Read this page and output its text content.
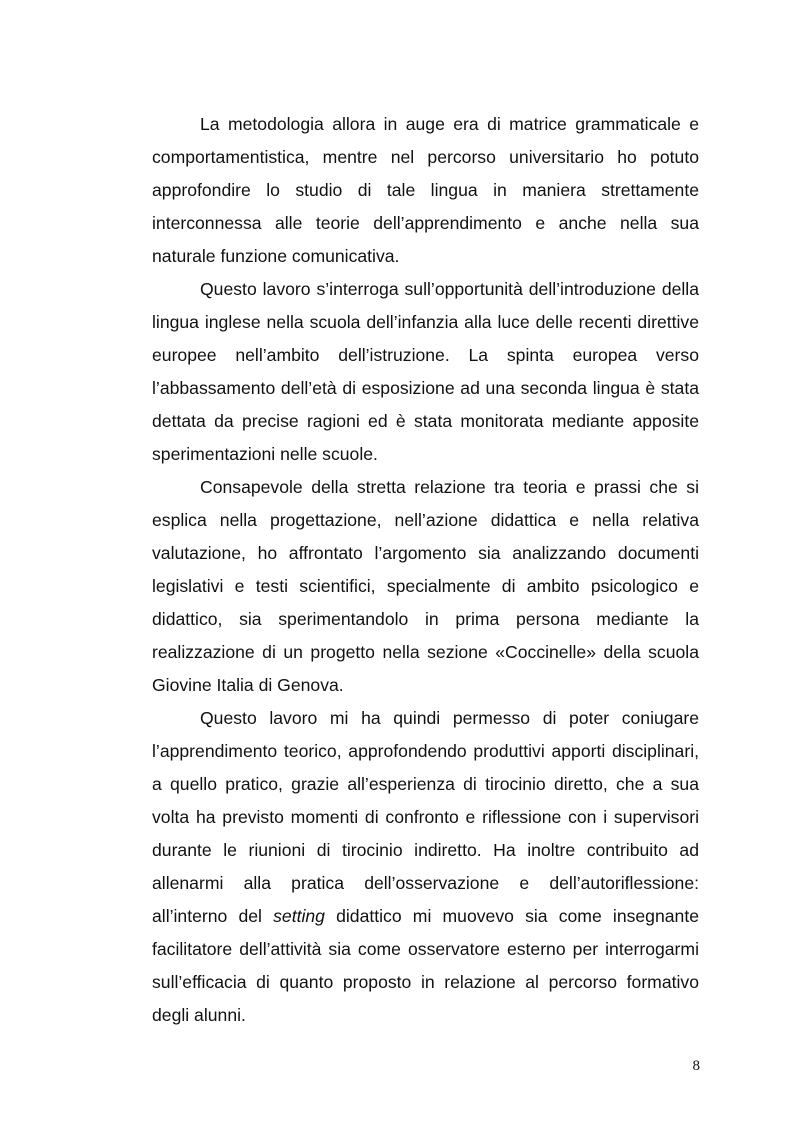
La metodologia allora in auge era di matrice grammaticale e comportamentistica, mentre nel percorso universitario ho potuto approfondire lo studio di tale lingua in maniera strettamente interconnessa alle teorie dell’apprendimento e anche nella sua naturale funzione comunicativa.

Questo lavoro s’interroga sull’opportunità dell’introduzione della lingua inglese nella scuola dell’infanzia alla luce delle recenti direttive europee nell’ambito dell’istruzione. La spinta europea verso l’abbassamento dell’età di esposizione ad una seconda lingua è stata dettata da precise ragioni ed è stata monitorata mediante apposite sperimentazioni nelle scuole.

Consapevole della stretta relazione tra teoria e prassi che si esplica nella progettazione, nell’azione didattica e nella relativa valutazione, ho affrontato l’argomento sia analizzando documenti legislativi e testi scientifici, specialmente di ambito psicologico e didattico, sia sperimentandolo in prima persona mediante la realizzazione di un progetto nella sezione «Coccinelle» della scuola Giovine Italia di Genova.

Questo lavoro mi ha quindi permesso di poter coniugare l’apprendimento teorico, approfondendo produttivi apporti disciplinari, a quello pratico, grazie all’esperienza di tirocinio diretto, che a sua volta ha previsto momenti di confronto e riflessione con i supervisori durante le riunioni di tirocinio indiretto. Ha inoltre contribuito ad allenarmi alla pratica dell’osservazione e dell’autoriflessione: all’interno del setting didattico mi muovevo sia come insegnante facilitatore dell’attività sia come osservatore esterno per interrogarmi sull’efficacia di quanto proposto in relazione al percorso formativo degli alunni.

8
